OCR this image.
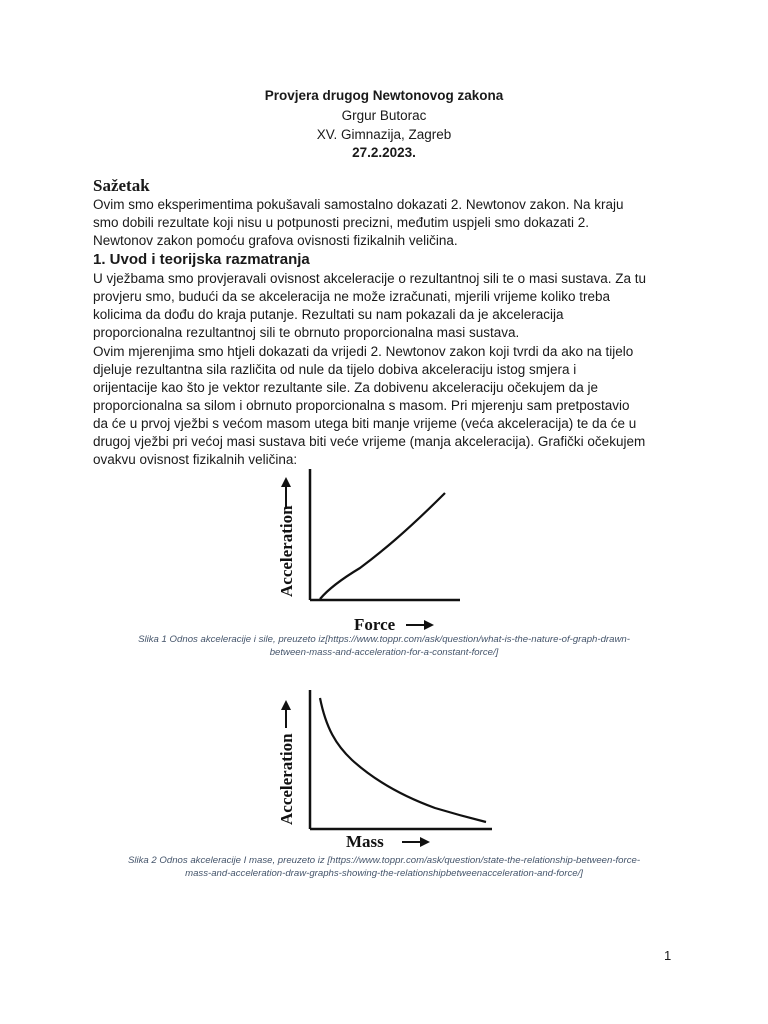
Provjera drugog Newtonovog zakona
Grgur Butorac
XV. Gimnazija, Zagreb
27.2.2023.
Sažetak

Ovim smo eksperimentima pokušavali samostalno dokazati 2. Newtonov zakon. Na kraju
smo dobili rezultate koji nisu u potpunosti precizni, međutim uspjeli smo dokazati 2.
Newtonov zakon pomoću grafova ovisnosti fizikalnih veličina.

1. Uvod i teorijska razmatranja

U vježbama smo provjeravali ovisnost akceleracije o rezultantnoj sili te o masi sustava. Za tu
provjeru smo, budući da se akceleracija ne može izračunati, mjerili vrijeme koliko treba
kolicima da dođu do kraja putanje. Rezultati su nam pokazali da je akceleracija
proporcionalna rezultantnoj sili te obrnuto proporcionalna masi sustava.

Ovim mjerenjima smo htjeli dokazati da vrijedi 2. Newtonov zakon koji tvrdi da ako na tijelo
djeluje rezultantna sila različita od nule da tijelo dobiva akceleraciju istog smjera i
orijentacije kao što je vektor rezultante sile. Za dobivenu akceleraciju očekujem da je
proporcionalna sa silom i obrnuto proporcionalna s masom. Pri mjerenju sam pretpostavio
da će u prvoj vježbi s većom masom utega biti manje vrijeme (veća akceleracija) te da će u
drugoj vježbi pri većoj masi sustava biti veće vrijeme (manja akceleracija). Grafički očekujem
ovakvu ovisnost fizikalnih veličina:

Acceleration
Force
Slika 1 Odnos akceleracije i sile, preuzeto iz[https://www.toppr.com/ask/question/what-is-the-nature-of-graph-drawn-
between-mass-and-acceleration-for-a-constant-force/]
Acceleration
Mass
Slika 2 Odnos akceleracije I mase, preuzeto iz [https://www.toppr.com/ask/question/state-the-relationship-between-force-
mass-and-acceleration-draw-graphs-showing-the-relationshipbetweenacceleration-and-force/]
1
